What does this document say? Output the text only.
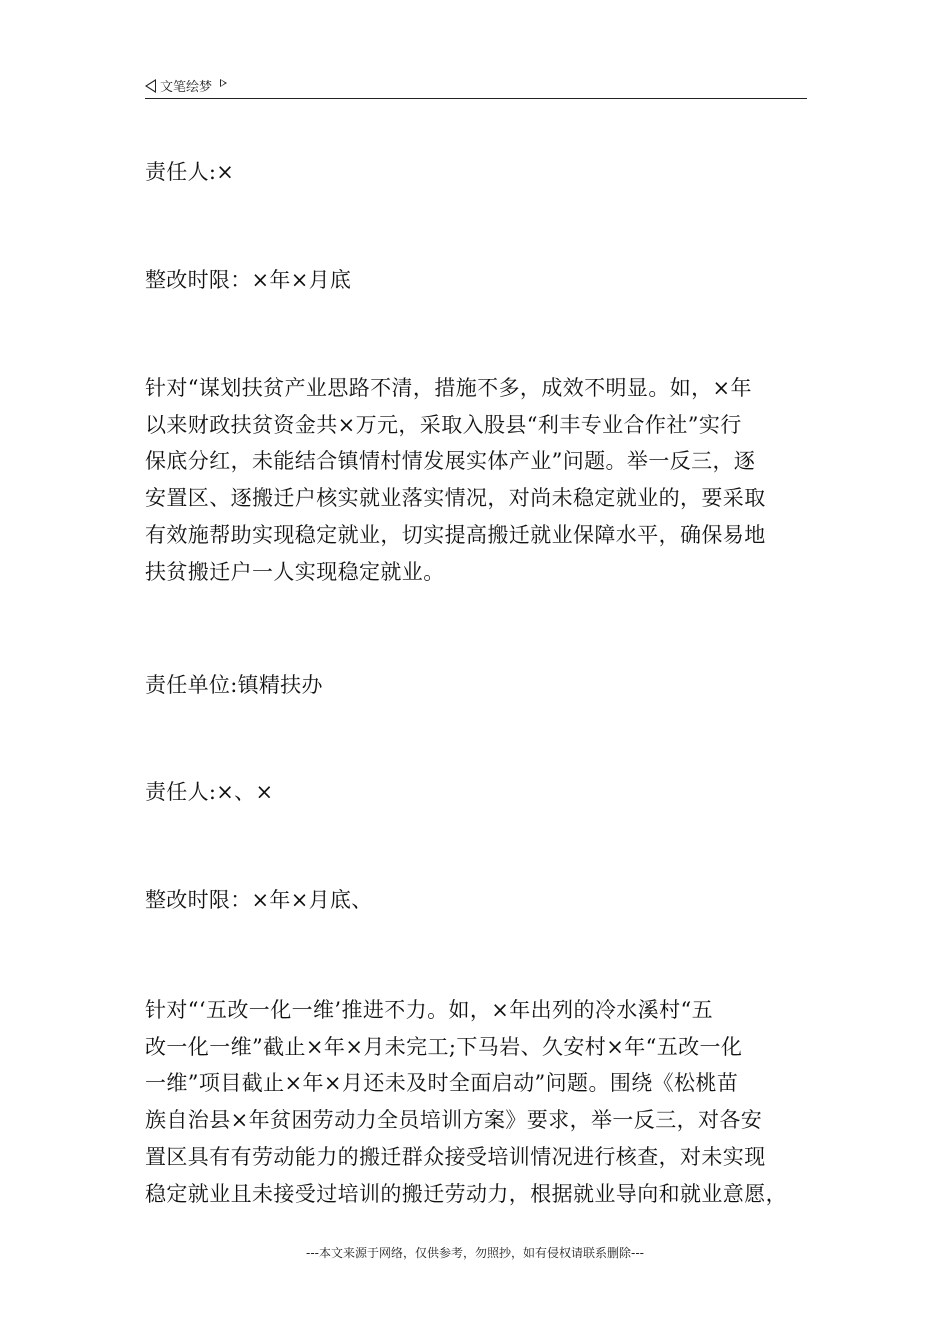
文笔绘梦
责任人:×
整改时限：×年×月底
针对“谋划扶贫产业思路不清，措施不多，成效不明显。如，×年
以来财政扶贫资金共×万元，采取入股县“利丰专业合作社”实行
保底分红，未能结合镇情村情发展实体产业”问题。举一反三，逐
安置区、逐搬迁户核实就业落实情况，对尚未稳定就业的，要采取
有效施帮助实现稳定就业，切实提高搬迁就业保障水平，确保易地
扶贫搬迁户一人实现稳定就业。
责任单位:镇精扶办
责任人:×、×
整改时限：×年×月底、
针对“‘五改一化一维’推进不力。如，×年出列的冷水溪村“五
改一化一维”截止×年×月未完工;下马岩、久安村×年“五改一化
一维”项目截止×年×月还未及时全面启动”问题。围绕《松桃苗
族自治县×年贫困劳动力全员培训方案》要求，举一反三，对各安
置区具有有劳动能力的搬迁群众接受培训情况进行核查，对未实现
稳定就业且未接受过培训的搬迁劳动力，根据就业导向和就业意愿，
---本文来源于网络，仅供参考，勿照抄，如有侵权请联系删除---
